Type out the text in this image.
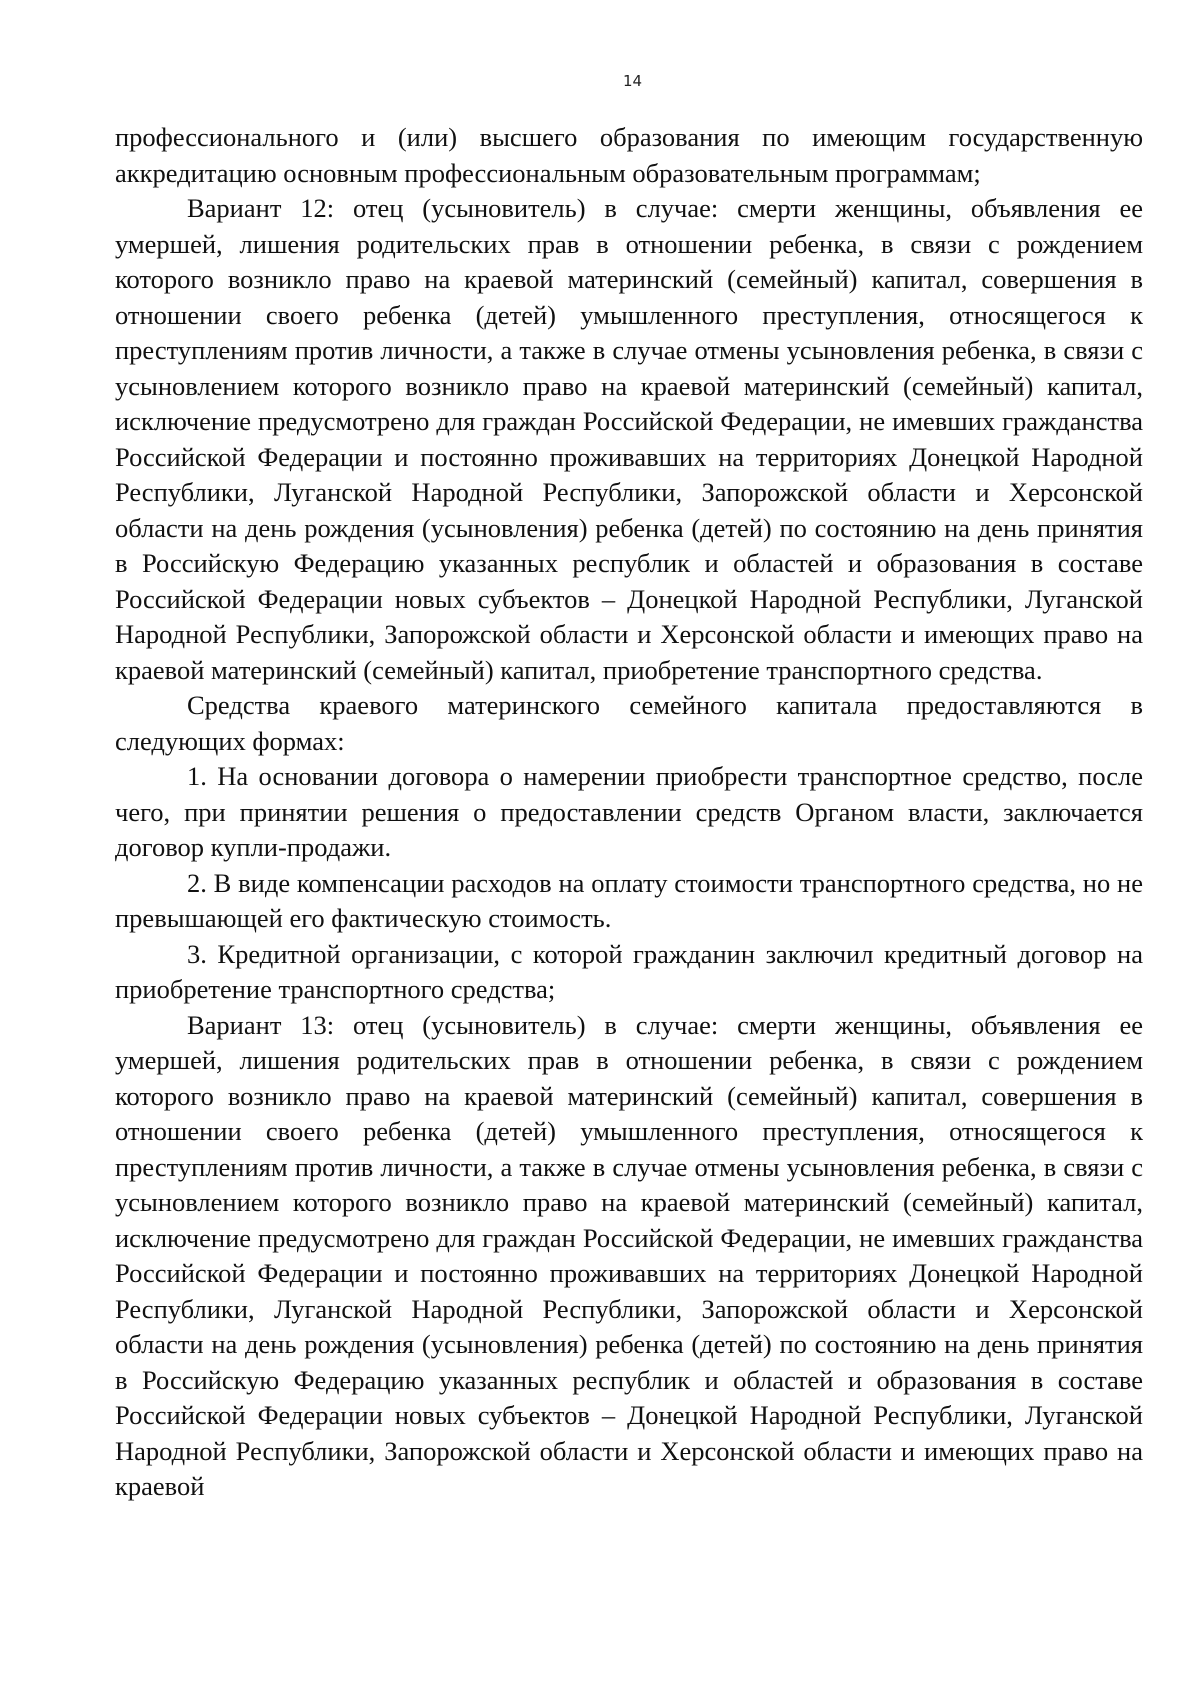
14

профессионального и (или) высшего образования по имеющим государственную аккредитацию основным профессиональным образовательным программам;

Вариант 12: отец (усыновитель) в случае: смерти женщины, объявления ее умершей, лишения родительских прав в отношении ребенка, в связи с рождением которого возникло право на краевой материнский (семейный) капитал, совершения в отношении своего ребенка (детей) умышленного преступления, относящегося к преступлениям против личности, а также в случае отмены усыновления ребенка, в связи с усыновлением которого возникло право на краевой материнский (семейный) капитал, исключение предусмотрено для граждан Российской Федерации, не имевших гражданства Российской Федерации и постоянно проживавших на территориях Донецкой Народной Республики, Луганской Народной Республики, Запорожской области и Херсонской области на день рождения (усыновления) ребенка (детей) по состоянию на день принятия в Российскую Федерацию указанных республик и областей и образования в составе Российской Федерации новых субъектов – Донецкой Народной Республики, Луганской Народной Республики, Запорожской области и Херсонской области и имеющих право на краевой материнский (семейный) капитал, приобретение транспортного средства.

Средства краевого материнского семейного капитала предоставляются в следующих формах:

1. На основании договора о намерении приобрести транспортное средство, после чего, при принятии решения о предоставлении средств Органом власти, заключается договор купли-продажи.

2. В виде компенсации расходов на оплату стоимости транспортного средства, но не превышающей его фактическую стоимость.

3. Кредитной организации, с которой гражданин заключил кредитный договор на приобретение транспортного средства;

Вариант 13: отец (усыновитель) в случае: смерти женщины, объявления ее умершей, лишения родительских прав в отношении ребенка, в связи с рождением которого возникло право на краевой материнский (семейный) капитал, совершения в отношении своего ребенка (детей) умышленного преступления, относящегося к преступлениям против личности, а также в случае отмены усыновления ребенка, в связи с усыновлением которого возникло право на краевой материнский (семейный) капитал, исключение предусмотрено для граждан Российской Федерации, не имевших гражданства Российской Федерации и постоянно проживавших на территориях Донецкой Народной Республики, Луганской Народной Республики, Запорожской области и Херсонской области на день рождения (усыновления) ребенка (детей) по состоянию на день принятия в Российскую Федерацию указанных республик и областей и образования в составе Российской Федерации новых субъектов – Донецкой Народной Республики, Луганской Народной Республики, Запорожской области и Херсонской области и имеющих право на краевой
